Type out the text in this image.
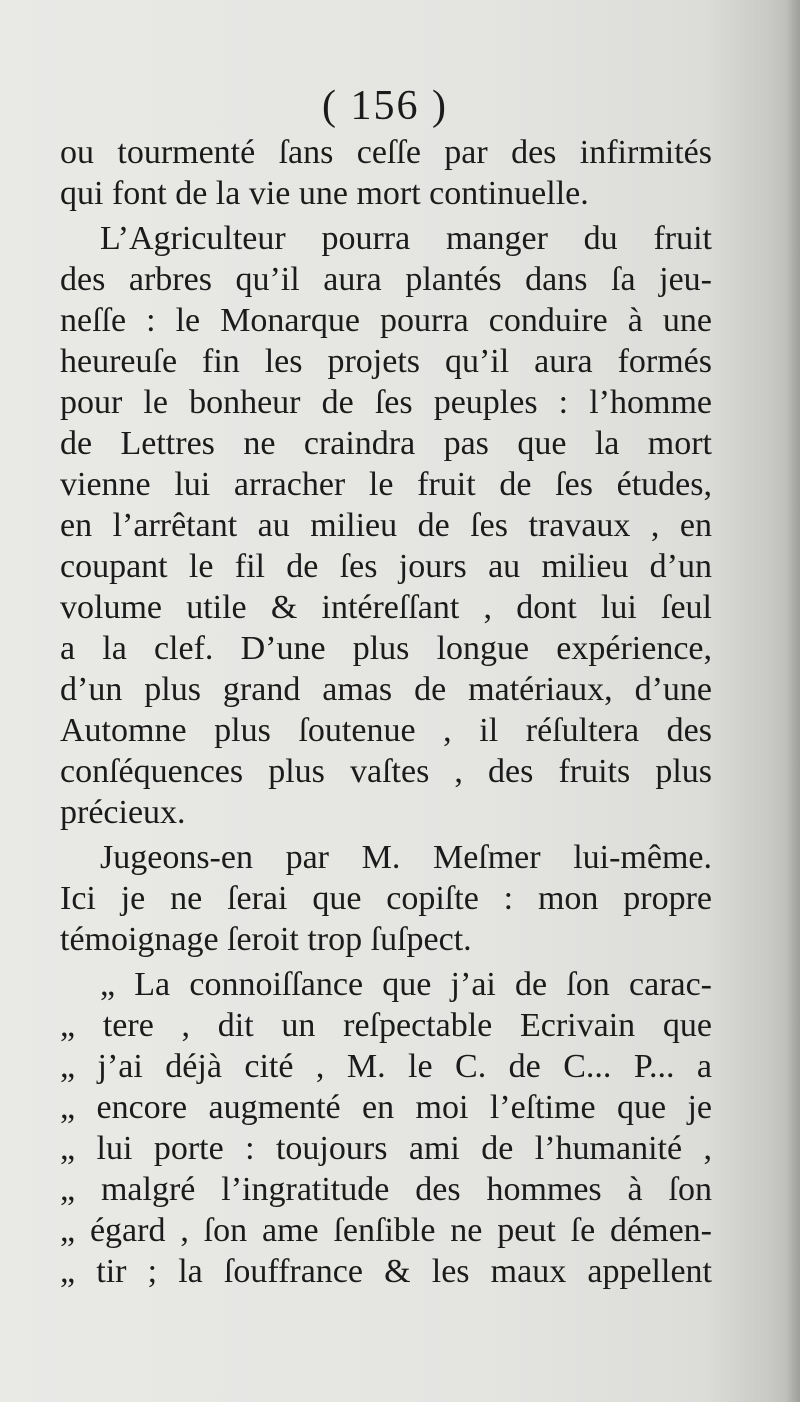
( 156 )
ou tourmenté ſans ceſſe par des infirmités
qui font de la vie une mort continuelle.
L’Agriculteur pourra manger du fruit
des arbres qu’il aura plantés dans ſa jeu-
neſſe : le Monarque pourra conduire à une
heureuſe fin les projets qu’il aura formés
pour le bonheur de ſes peuples : l’homme
de Lettres ne craindra pas que la mort
vienne lui arracher le fruit de ſes études,
en l’arrêtant au milieu de ſes travaux , en
coupant le fil de ſes jours au milieu d’un
volume utile & intéreſſant , dont lui ſeul
a la clef. D’une plus longue expérience,
d’un plus grand amas de matériaux, d’une
Automne plus ſoutenue , il réſultera des
conſéquences plus vaſtes , des fruits plus
précieux.
Jugeons-en par M. Meſmer lui-même.
Ici je ne ſerai que copiſte : mon propre
témoignage ſeroit trop ſuſpect.
„ La connoiſſance que j’ai de ſon carac-
„ tere , dit un reſpectable Ecrivain que
„ j’ai déjà cité , M. le C. de C... P... a
„ encore augmenté en moi l’eſtime que je
„ lui porte : toujours ami de l’humanité ,
„ malgré l’ingratitude des hommes à ſon
„ égard , ſon ame ſenſible ne peut ſe démen-
„ tir ; la ſouffrance & les maux appellent
